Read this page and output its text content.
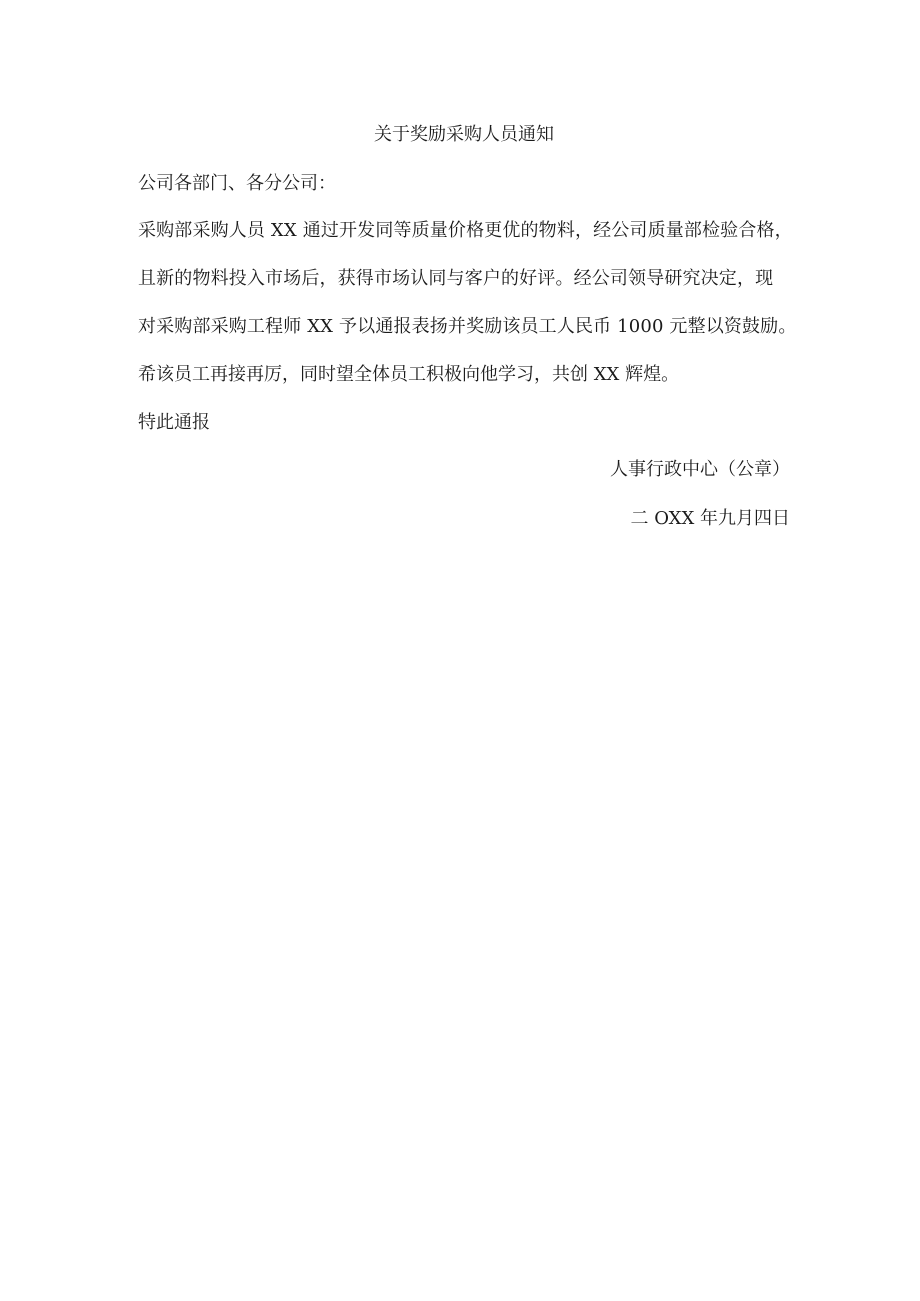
关于奖励采购人员通知
公司各部门、各分公司：
采购部采购人员 XX 通过开发同等质量价格更优的物料，经公司质量部检验合格，
且新的物料投入市场后，获得市场认同与客户的好评。经公司领导研究决定，现
对采购部采购工程师 XX 予以通报表扬并奖励该员工人民币 1000 元整以资鼓励。
希该员工再接再厉，同时望全体员工积极向他学习，共创 XX 辉煌。
特此通报
人事行政中心（公章）
二 OXX 年九月四日
